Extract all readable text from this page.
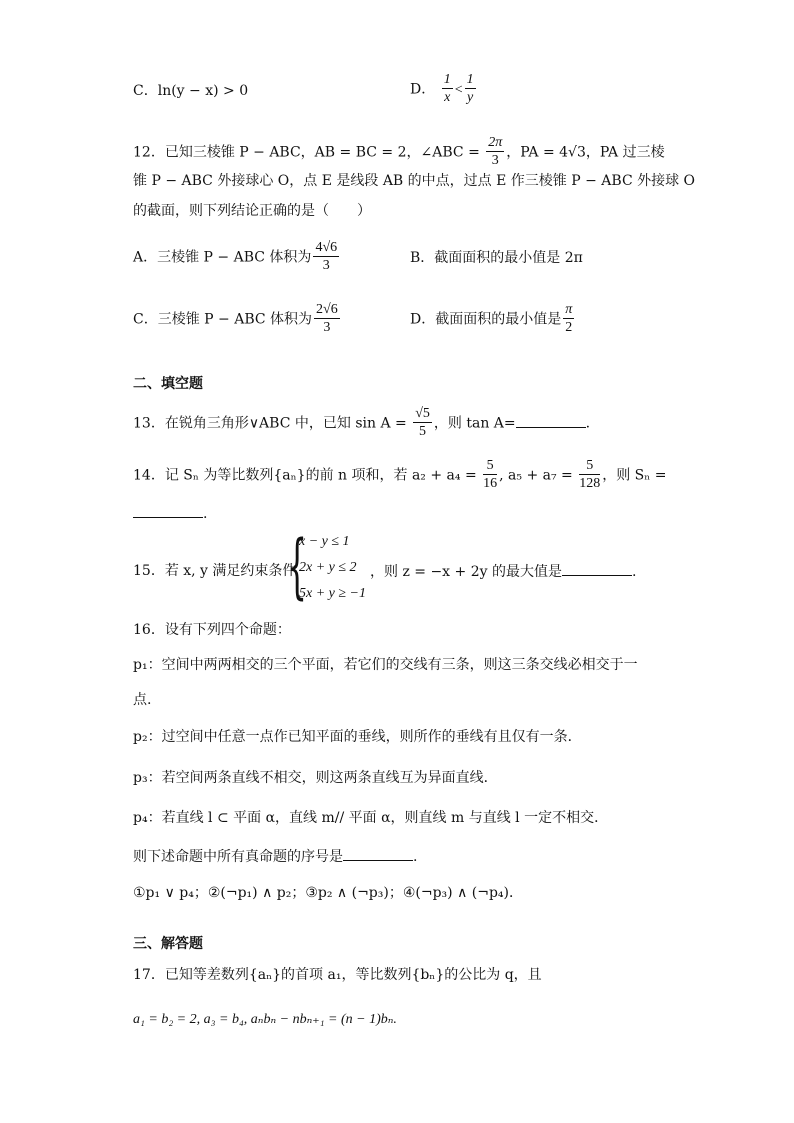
C．ln(y − x) > 0	D． $\frac{1}{x} < \frac{1}{y}$
12．已知三棱锥 P − ABC，AB = BC = 2，∠ABC = $\frac{2\pi}{3}$ ，PA = 4√3，PA 过三棱
锥 P − ABC 外接球心 O，点 E 是线段 AB 的中点，过点 E 作三棱锥 P − ABC 外接球 O
的截面，则下列结论正确的是（　　）
A．三棱锥 P − ABC 体积为 $\frac{4√6}{3}$	B．截面面积的最小值是 2π
C．三棱锥 P − ABC 体积为 $\frac{2√6}{3}$	D．截面面积的最小值是 $\frac{\pi}{2}$
二、填空题
13．在锐角三角形∨ABC 中，已知 $\sin A = \frac{√5}{5}$ ，则 tan A=	.
14．记 Sₙ 为等比数列{aₙ}的前 n 项和，若 $a_2 + a_4 = \frac{5}{16}$ , $a_5 + a_7 = \frac{5}{128}$ ，则 Sₙ =
.
15．若 x, y 满足约束条件
{
x − y ≤ 1
2x + y ≤ 2
5x + y ≥ −1
，则 z = −x + 2y 的最大值是	.
16．设有下列四个命题：
p₁：空间中两两相交的三个平面，若它们的交线有三条，则这三条交线必相交于一
点.
p₂：过空间中任意一点作已知平面的垂线，则所作的垂线有且仅有一条．
p₃：若空间两条直线不相交，则这两条直线互为异面直线．
p₄：若直线 l ⊂ 平面 α，直线 m// 平面 α，则直线 m 与直线 l 一定不相交．
则下述命题中所有真命题的序号是	.
①p₁ ∨ p₄；②(¬p₁) ∧ p₂；③p₂ ∧ (¬p₃)；④(¬p₃) ∧ (¬p₄)．
三、解答题
17．已知等差数列{aₙ}的首项 a₁，等比数列{bₙ}的公比为 q，且
a₁ = b₂ = 2, a₃ = b₄, aₙbₙ − nbₙ₊₁ = (n − 1)bₙ.
